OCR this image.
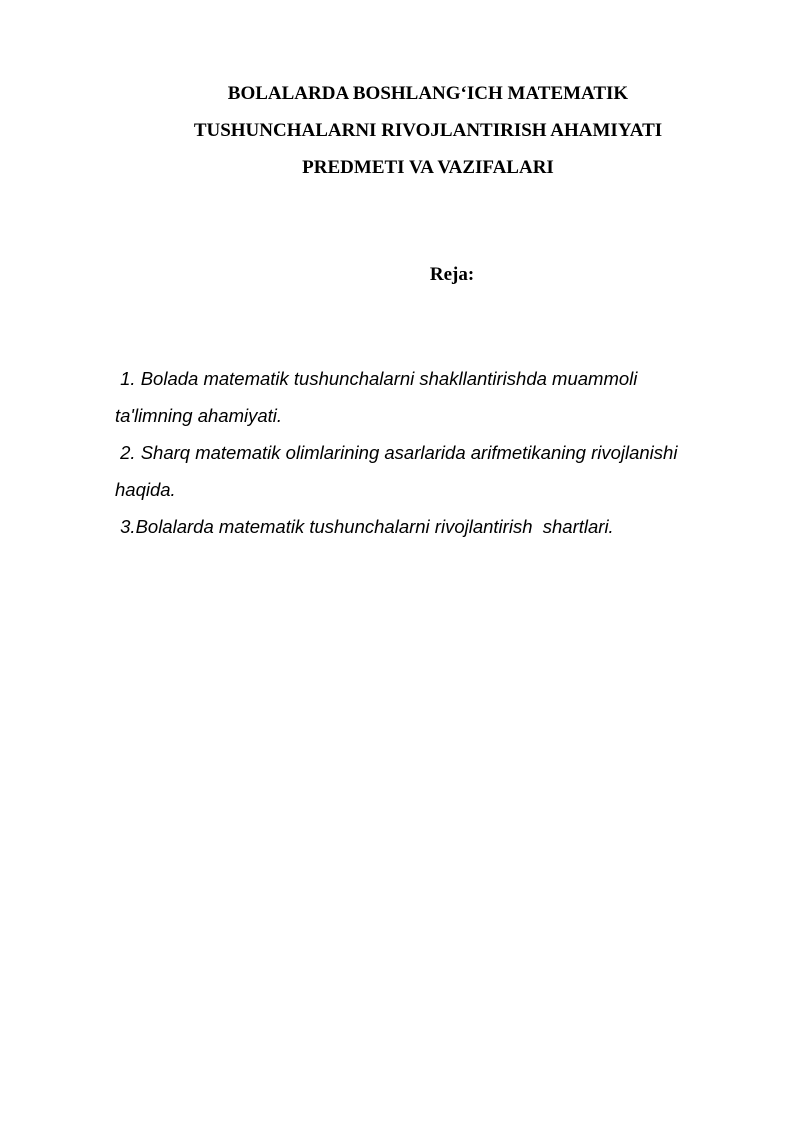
BOLALARDA BOSHLANG‘ICH MATEMATIK
TUSHUNCHALARNI RIVOJLANTIRISH AHAMIYATI
PREDMETI VA VAZIFALARI
Reja:
1. Bolada matematik tushunchalarni shakllantirishda muammoli
ta'limning ahamiyati.
2. Sharq matematik olimlarining asarlarida arifmetikaning rivojlanishi
haqida.
3.Bolalarda matematik tushunchalarni rivojlantirish  shartlari.
